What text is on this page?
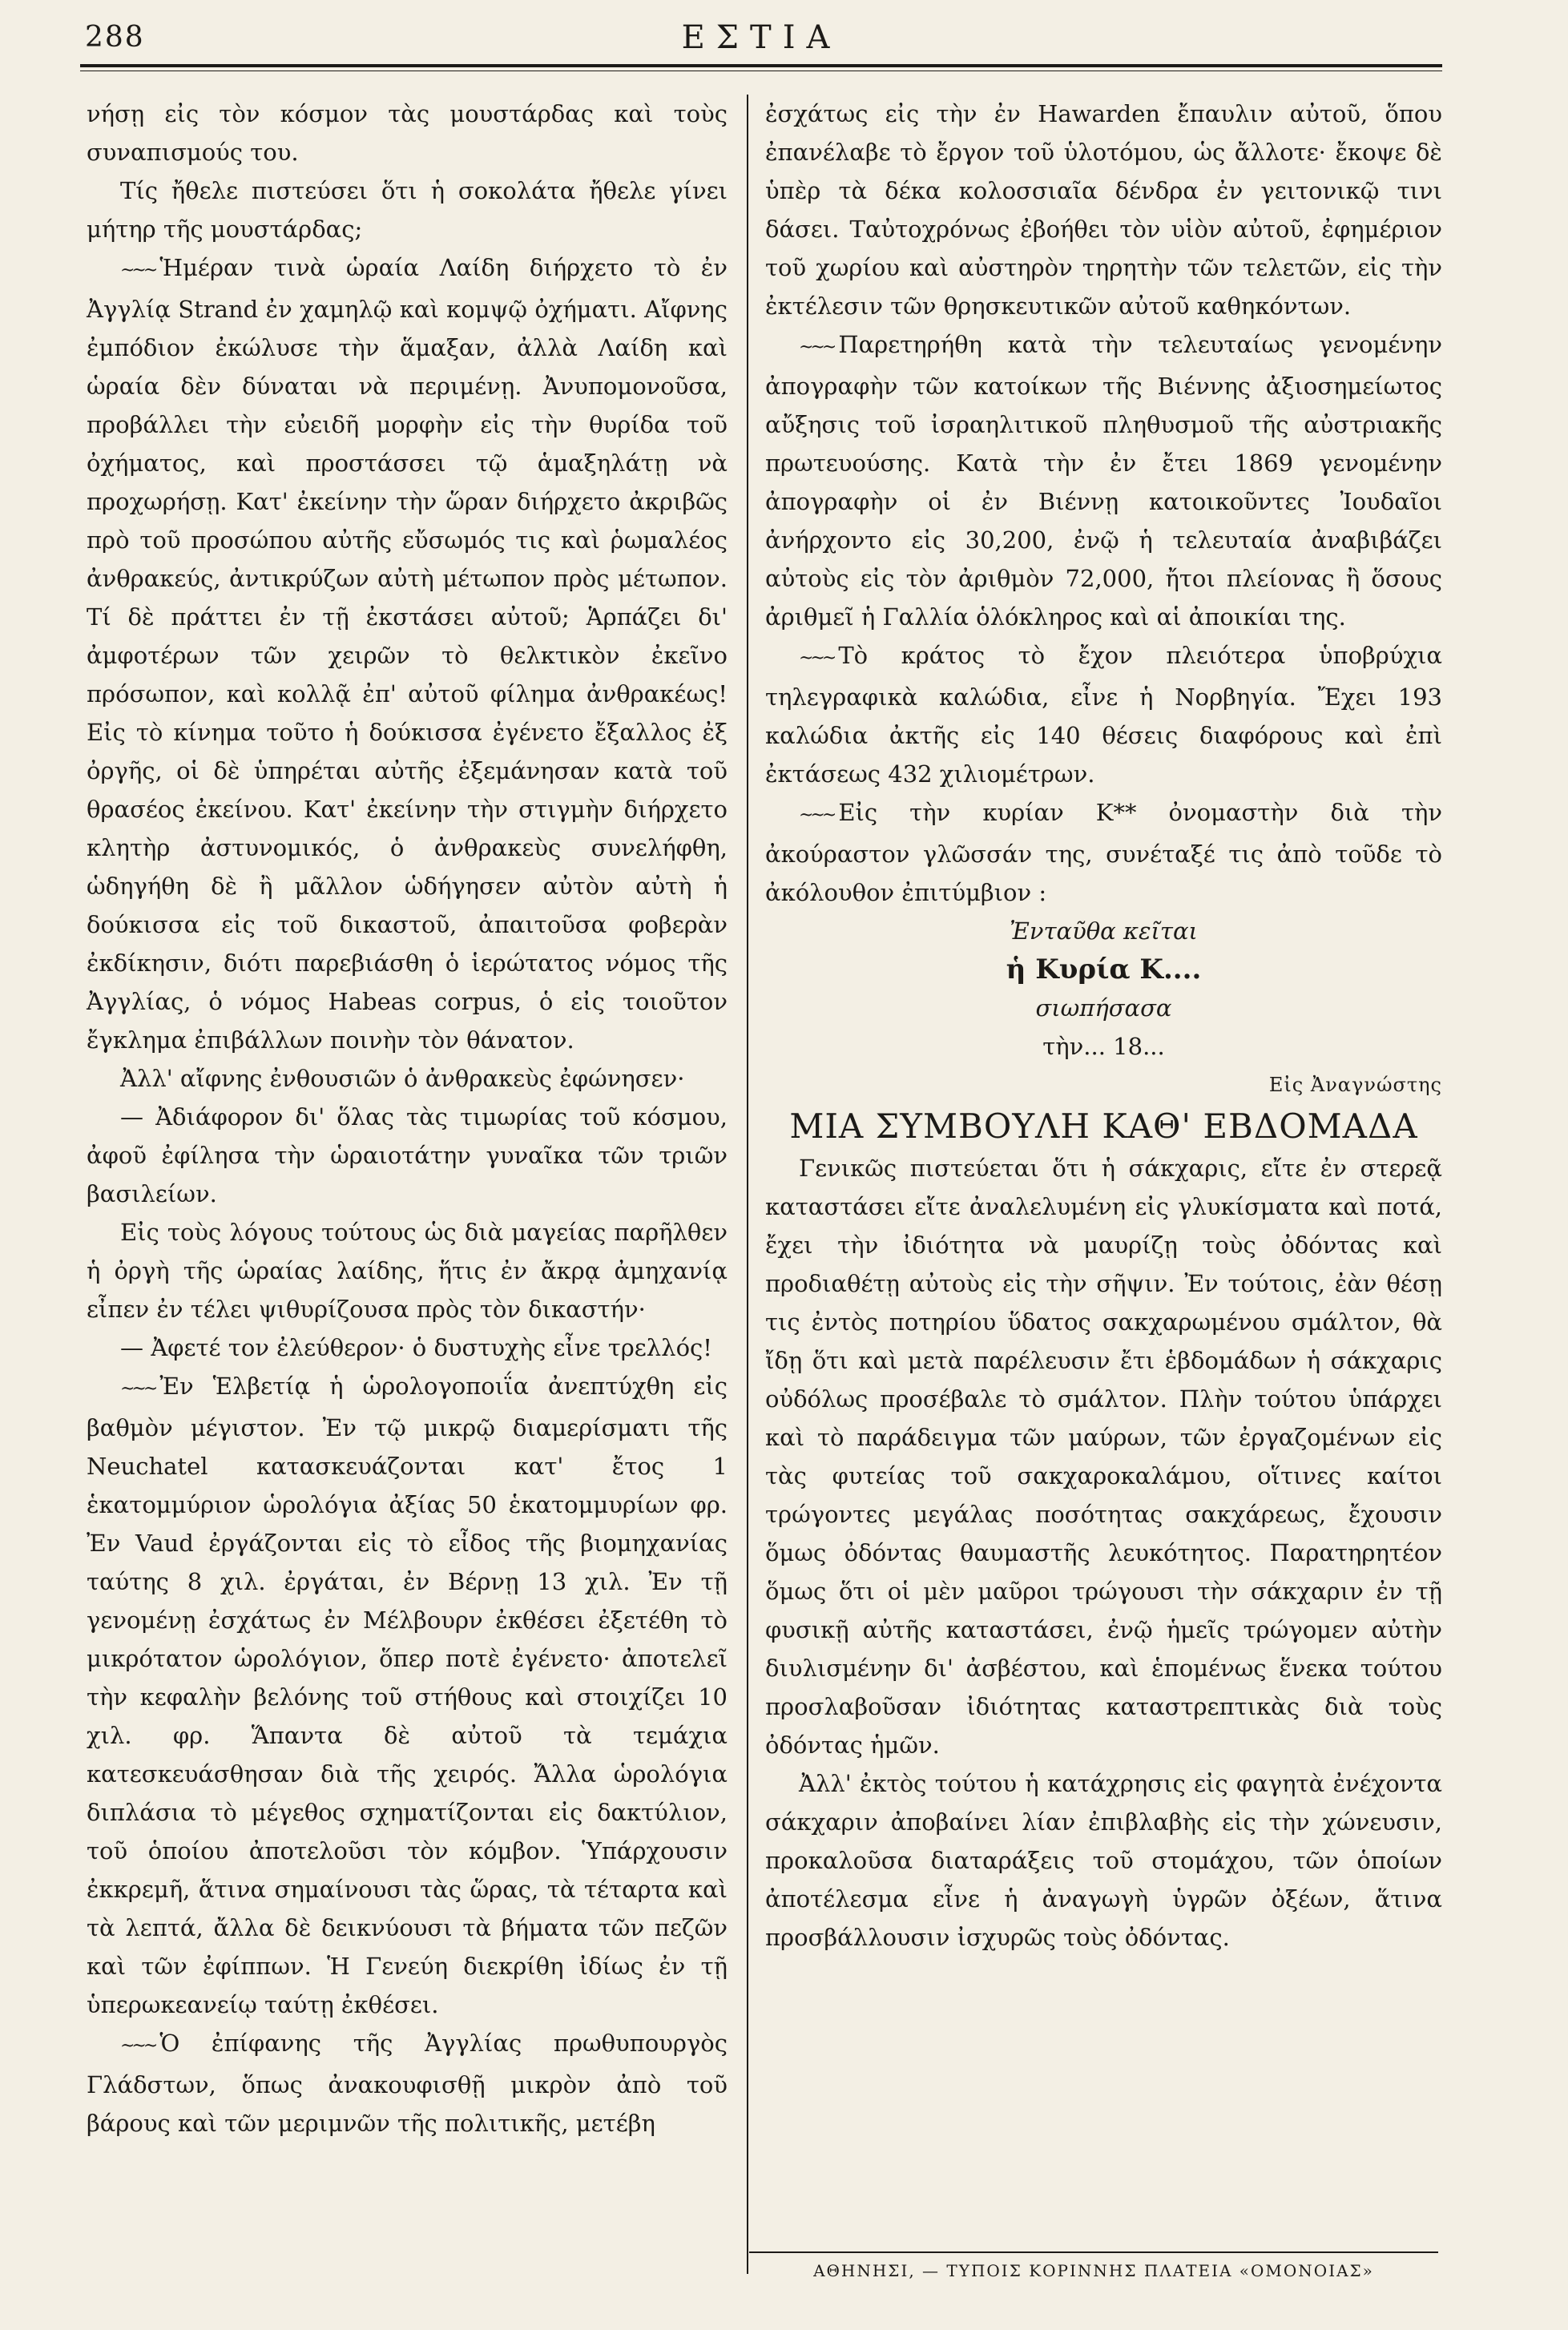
288	ΕΣΤΙΑ

νήσῃ εἰς τὸν κόσμον τὰς μουστάρδας καὶ τοὺς συναπισμούς του.

Τίς ἤθελε πιστεύσει ὅτι ἡ σοκολάτα ἤθελε γίνει μήτηρ τῆς μουστάρδας;

~~~ Ἡμέραν τινὰ ὡραία Λαίδη διήρχετο τὸ ἐν Ἀγγλίᾳ Strand ἐν χαμηλῷ καὶ κομψῷ ὀχήματι. Αἴφνης ἐμπόδιον ἐκώλυσε τὴν ἅμαξαν, ἀλλὰ Λαίδη καὶ ὡραία δὲν δύναται νὰ περιμένῃ. Ἀνυπομονοῦσα, προβάλλει τὴν εὐειδῆ μορφὴν εἰς τὴν θυρίδα τοῦ ὀχήματος, καὶ προστάσσει τῷ ἁμαξηλάτῃ νὰ προχωρήσῃ. Κατ' ἐκείνην τὴν ὥραν διήρχετο ἀκριβῶς πρὸ τοῦ προσώπου αὐτῆς εὔσωμός τις καὶ ῥωμαλέος ἀνθρακεύς, ἀντικρύζων αὐτὴ μέτωπον πρὸς μέτωπον. Τί δὲ πράττει ἐν τῇ ἐκστάσει αὐτοῦ; Ἁρπάζει δι' ἀμφοτέρων τῶν χειρῶν τὸ θελκτικὸν ἐκεῖνο πρόσωπον, καὶ κολλᾷ ἐπ' αὐτοῦ φίλημα ἀνθρακέως! Εἰς τὸ κίνημα τοῦτο ἡ δούκισσα ἐγένετο ἔξαλλος ἐξ ὀργῆς, οἱ δὲ ὑπηρέται αὐτῆς ἐξεμάνησαν κατὰ τοῦ θρασέος ἐκείνου. Κατ' ἐκείνην τὴν στιγμὴν διήρχετο κλητὴρ ἀστυνομικός, ὁ ἀνθρακεὺς συνελήφθη, ὡδηγήθη δὲ ἢ μᾶλλον ὡδήγησεν αὐτὸν αὐτὴ ἡ δούκισσα εἰς τοῦ δικαστοῦ, ἀπαιτοῦσα φοβερὰν ἐκδίκησιν, διότι παρεβιάσθη ὁ ἱερώτατος νόμος τῆς Ἀγγλίας, ὁ νόμος Habeas corpus, ὁ εἰς τοιοῦτον ἔγκλημα ἐπιβάλλων ποινὴν τὸν θάνατον.

Ἀλλ' αἴφνης ἐνθουσιῶν ὁ ἀνθρακεὺς ἐφώνησεν·

— Ἀδιάφορον δι' ὅλας τὰς τιμωρίας τοῦ κόσμου, ἀφοῦ ἐφίλησα τὴν ὡραιοτάτην γυναῖκα τῶν τριῶν βασιλείων.

Εἰς τοὺς λόγους τούτους ὡς διὰ μαγείας παρῆλθεν ἡ ὀργὴ τῆς ὡραίας λαίδης, ἥτις ἐν ἄκρᾳ ἀμηχανίᾳ εἶπεν ἐν τέλει ψιθυρίζουσα πρὸς τὸν δικαστήν·

— Ἀφετέ τον ἐλεύθερον· ὁ δυστυχὴς εἶνε τρελλός!

~~~ Ἐν Ἑλβετίᾳ ἡ ὡρολογοποιΐα ἀνεπτύχθη εἰς βαθμὸν μέγιστον. Ἐν τῷ μικρῷ διαμερίσματι τῆς Neuchatel κατασκευάζονται κατ' ἔτος 1 ἑκατομμύριον ὡρολόγια ἀξίας 50 ἑκατομμυρίων φρ. Ἐν Vaud ἐργάζονται εἰς τὸ εἶδος τῆς βιομηχανίας ταύτης 8 χιλ. ἐργάται, ἐν Βέρνῃ 13 χιλ. Ἐν τῇ γενομένῃ ἐσχάτως ἐν Μέλβουρν ἐκθέσει ἐξετέθη τὸ μικρότατον ὡρολόγιον, ὅπερ ποτὲ ἐγένετο· ἀποτελεῖ τὴν κεφαλὴν βελόνης τοῦ στήθους καὶ στοιχίζει 10 χιλ. φρ. Ἅπαντα δὲ αὐτοῦ τὰ τεμάχια κατεσκευάσθησαν διὰ τῆς χειρός. Ἄλλα ὡρολόγια διπλάσια τὸ μέγεθος σχηματίζονται εἰς δακτύλιον, τοῦ ὁποίου ἀποτελοῦσι τὸν κόμβον. Ὑπάρχουσιν ἐκκρεμῆ, ἅτινα σημαίνουσι τὰς ὥρας, τὰ τέταρτα καὶ τὰ λεπτά, ἄλλα δὲ δεικνύουσι τὰ βήματα τῶν πεζῶν καὶ τῶν ἐφίππων. Ἡ Γενεύη διεκρίθη ἰδίως ἐν τῇ ὑπερωκεανείῳ ταύτῃ ἐκθέσει.

~~~ Ὁ ἐπίφανης τῆς Ἀγγλίας πρωθυπουργὸς Γλάδστων, ὅπως ἀνακουφισθῇ μικρὸν ἀπὸ τοῦ βάρους καὶ τῶν μεριμνῶν τῆς πολιτικῆς, μετέβη

ἐσχάτως εἰς τὴν ἐν Hawarden ἔπαυλιν αὐτοῦ, ὅπου ἐπανέλαβε τὸ ἔργον τοῦ ὑλοτόμου, ὡς ἄλλοτε· ἔκοψε δὲ ὑπὲρ τὰ δέκα κολοσσιαῖα δένδρα ἐν γειτονικῷ τινι δάσει. Ταὐτοχρόνως ἐβοήθει τὸν υἱὸν αὐτοῦ, ἐφημέριον τοῦ χωρίου καὶ αὐστηρὸν τηρητὴν τῶν τελετῶν, εἰς τὴν ἐκτέλεσιν τῶν θρησκευτικῶν αὐτοῦ καθηκόντων.

~~~ Παρετηρήθη κατὰ τὴν τελευταίως γενομένην ἀπογραφὴν τῶν κατοίκων τῆς Βιέννης ἀξιοσημείωτος αὔξησις τοῦ ἰσραηλιτικοῦ πληθυσμοῦ τῆς αὐστριακῆς πρωτευούσης. Κατὰ τὴν ἐν ἔτει 1869 γενομένην ἀπογραφὴν οἱ ἐν Βιέννῃ κατοικοῦντες Ἰουδαῖοι ἀνήρχοντο εἰς 30,200, ἐνῷ ἡ τελευταία ἀναβιβάζει αὐτοὺς εἰς τὸν ἀριθμὸν 72,000, ἤτοι πλείονας ἢ ὅσους ἀριθμεῖ ἡ Γαλλία ὁλόκληρος καὶ αἱ ἀποικίαι της.

~~~ Τὸ κράτος τὸ ἔχον πλειότερα ὑποβρύχια τηλεγραφικὰ καλώδια, εἶνε ἡ Νορβηγία. Ἔχει 193 καλώδια ἀκτῆς εἰς 140 θέσεις διαφόρους καὶ ἐπὶ ἐκτάσεως 432 χιλιομέτρων.

~~~ Εἰς τὴν κυρίαν Κ** ὀνομαστὴν διὰ τὴν ἀκούραστον γλῶσσάν της, συνέταξέ τις ἀπὸ τοῦδε τὸ ἀκόλουθον ἐπιτύμβιον :

Ἐνταῦθα κεῖται

ἡ Κυρία Κ....

σιωπήσασα

τὴν... 18...

Εἰς Ἀναγνώστης

ΜΙΑ ΣΥΜΒΟΥΛΗ ΚΑΘ' ΕΒΔΟΜΑΔΑ

Γενικῶς πιστεύεται ὅτι ἡ σάκχαρις, εἴτε ἐν στερεᾷ καταστάσει εἴτε ἀναλελυμένη εἰς γλυκίσματα καὶ ποτά, ἔχει τὴν ἰδιότητα νὰ μαυρίζῃ τοὺς ὀδόντας καὶ προδιαθέτῃ αὐτοὺς εἰς τὴν σῆψιν. Ἐν τούτοις, ἐὰν θέσῃ τις ἐντὸς ποτηρίου ὕδατος σακχαρωμένου σμάλτον, θὰ ἴδῃ ὅτι καὶ μετὰ παρέλευσιν ἔτι ἑβδομάδων ἡ σάκχαρις οὐδόλως προσέβαλε τὸ σμάλτον. Πλὴν τούτου ὑπάρχει καὶ τὸ παράδειγμα τῶν μαύρων, τῶν ἐργαζομένων εἰς τὰς φυτείας τοῦ σακχαροκαλάμου, οἵτινες καίτοι τρώγοντες μεγάλας ποσότητας σακχάρεως, ἔχουσιν ὅμως ὀδόντας θαυμαστῆς λευκότητος. Παρατηρητέον ὅμως ὅτι οἱ μὲν μαῦροι τρώγουσι τὴν σάκχαριν ἐν τῇ φυσικῇ αὐτῆς καταστάσει, ἐνῷ ἡμεῖς τρώγομεν αὐτὴν διυλισμένην δι' ἀσβέστου, καὶ ἑπομένως ἕνεκα τούτου προσλαβοῦσαν ἰδιότητας καταστρεπτικὰς διὰ τοὺς ὀδόντας ἡμῶν.

Ἀλλ' ἐκτὸς τούτου ἡ κατάχρησις εἰς φαγητὰ ἐνέχοντα σάκχαριν ἀποβαίνει λίαν ἐπιβλαβὴς εἰς τὴν χώνευσιν, προκαλοῦσα διαταράξεις τοῦ στομάχου, τῶν ὁποίων ἀποτέλεσμα εἶνε ἡ ἀναγωγὴ ὑγρῶν ὀξέων, ἅτινα προσβάλλουσιν ἰσχυρῶς τοὺς ὀδόντας.

ΑΘΗΝΗΣΙ, — ΤΥΠΟΙΣ ΚΟΡΙΝΝΗΣ ΠΛΑΤΕΙΑ «ΟΜΟΝΟΙΑΣ»
